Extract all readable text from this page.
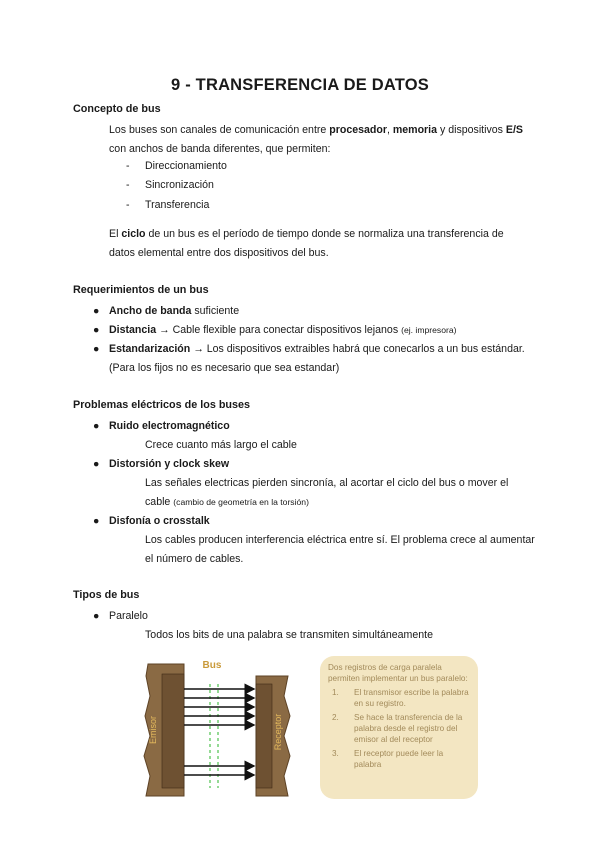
9 - TRANSFERENCIA DE DATOS

Concepto de bus

Los buses son canales de comunicación entre procesador, memoria y dispositivos E/S con anchos de banda diferentes, que permiten:

- Direccionamiento
- Sincronización
- Transferencia

El ciclo de un bus es el período de tiempo donde se normaliza una transferencia de datos elemental entre dos dispositivos del bus.

Requerimientos de un bus

● Ancho de banda suficiente
● Distancia → Cable flexible para conectar dispositivos lejanos (ej. impresora)
● Estandarización → Los dispositivos extraibles habrá que conecarlos a un bus estándar. (Para los fijos no es necesario que sea estandar)

Problemas eléctricos de los buses

● Ruido electromagnético

Crece cuanto más largo el cable

● Distorsión y clock skew

Las señales electricas pierden sincronía, al acortar el ciclo del bus o mover el cable (cambio de geometría en la torsión)

● Disfonía o crosstalk

Los cables producen interferencia eléctrica entre sí. El problema crece al aumentar el número de cables.

Tipos de bus

● Paralelo

Todos los bits de una palabra se transmiten simultáneamente

Bus
Emisor	Receptor
Dos registros de carga paralela permiten implementar un bus paralelo:
1. El transmisor escribe la palabra en su registro.
2. Se hace la transferencia de la palabra desde el registro del emisor al del receptor
3. El receptor puede leer la palabra
